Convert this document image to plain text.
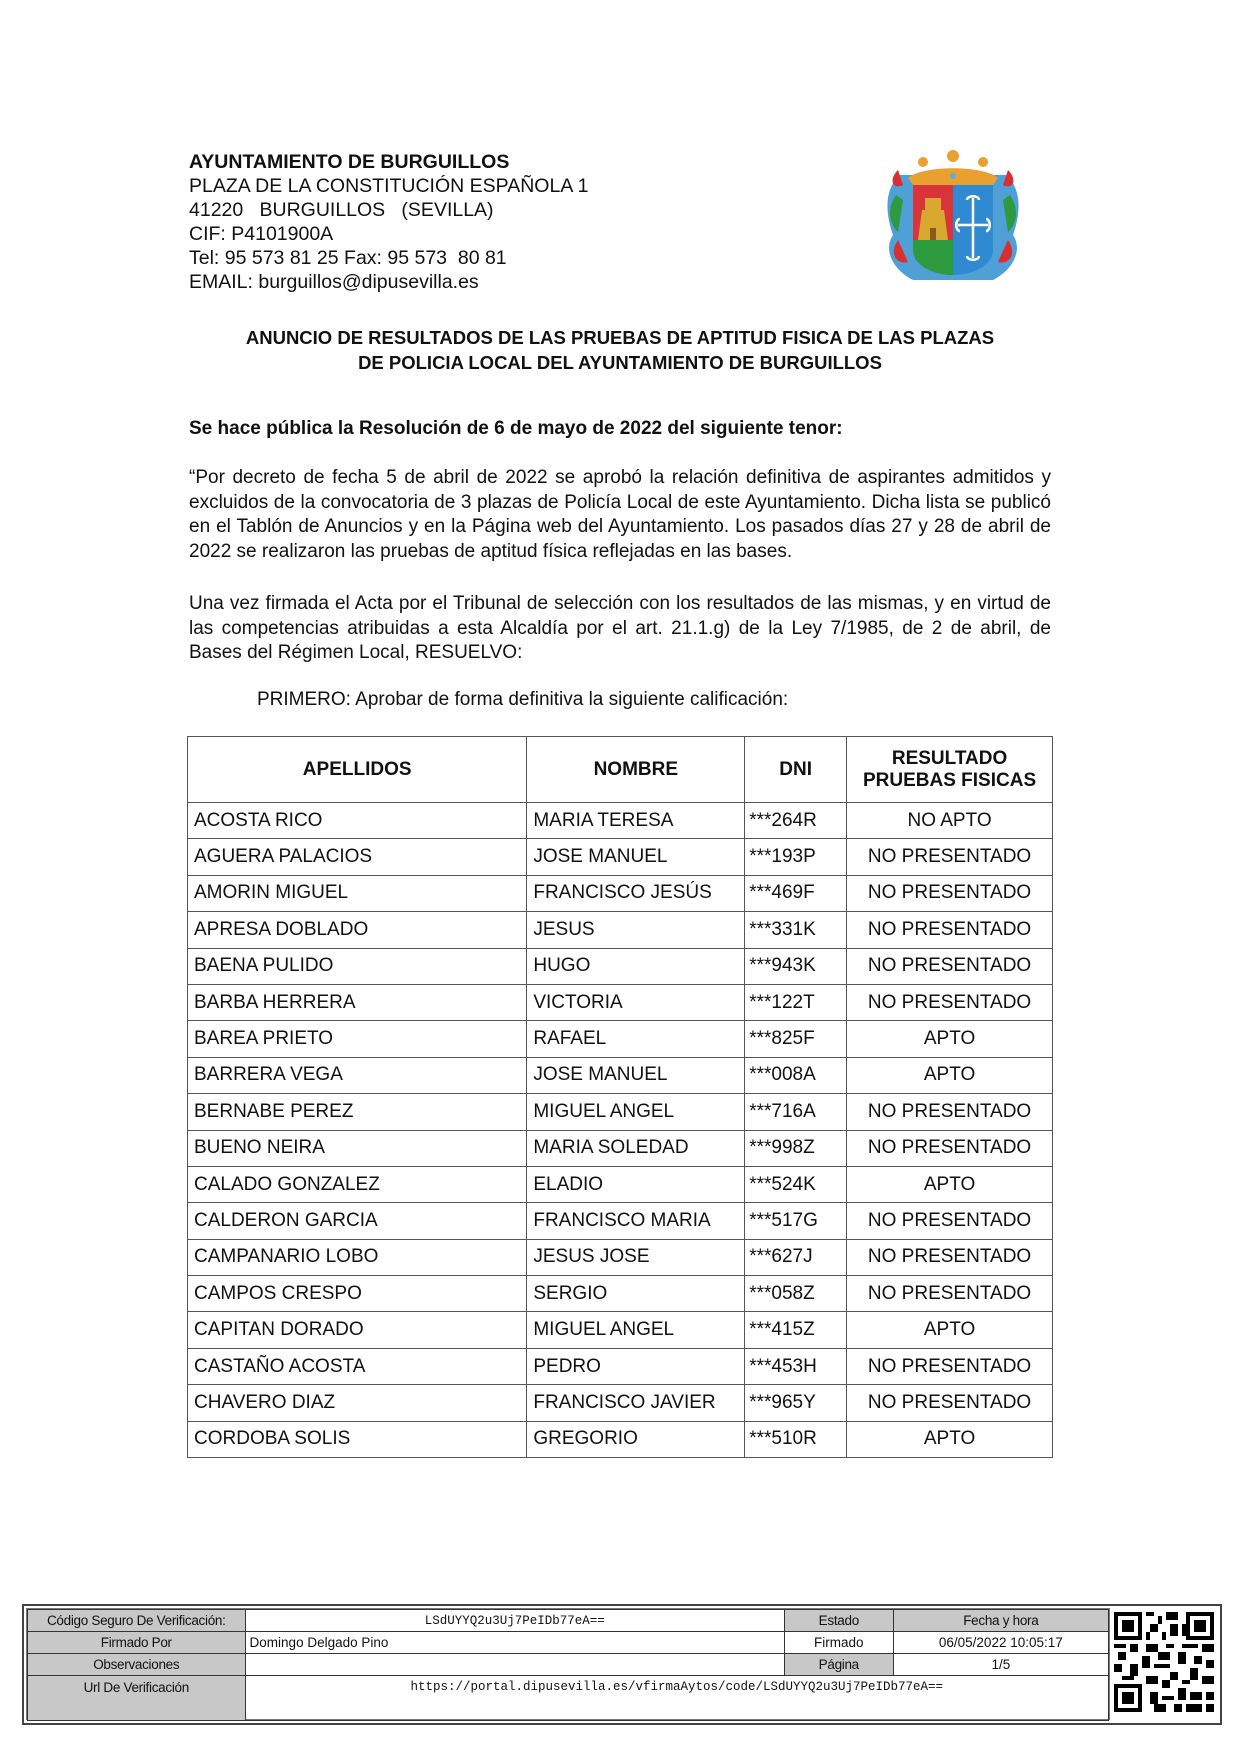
AYUNTAMIENTO DE BURGUILLOS
PLAZA DE LA CONSTITUCIÓN ESPAÑOLA 1
41220   BURGUILLOS   (SEVILLA)
CIF: P4101900A
Tel: 95 573 81 25 Fax: 95 573  80 81
EMAIL: burguillos@dipusevilla.es
ANUNCIO DE RESULTADOS DE LAS PRUEBAS DE APTITUD FISICA DE LAS PLAZAS
DE POLICIA LOCAL DEL AYUNTAMIENTO DE BURGUILLOS
Se hace pública la Resolución de 6 de mayo de 2022 del siguiente tenor:
“Por decreto de fecha 5 de abril de 2022 se aprobó la relación definitiva de aspirantes admitidos y excluidos de la convocatoria de 3 plazas de Policía Local de este Ayuntamiento. Dicha lista se publicó en el Tablón de Anuncios y en la Página web del Ayuntamiento. Los pasados días 27 y 28 de abril de 2022 se realizaron las pruebas de aptitud física reflejadas en las bases.
Una vez firmada el Acta por el Tribunal de selección con los resultados de las mismas, y en virtud de las competencias atribuidas a esta Alcaldía por el art. 21.1.g) de la Ley 7/1985, de 2 de abril, de Bases del Régimen Local, RESUELVO:
PRIMERO: Aprobar de forma definitiva la siguiente calificación:
APELLIDOS	NOMBRE	DNI	RESULTADO
PRUEBAS FISICAS

ACOSTA RICO	MARIA TERESA	***264R	NO APTO
AGUERA PALACIOS	JOSE MANUEL	***193P	NO PRESENTADO
AMORIN MIGUEL	FRANCISCO JESÚS	***469F	NO PRESENTADO
APRESA DOBLADO	JESUS	***331K	NO PRESENTADO
BAENA PULIDO	HUGO	***943K	NO PRESENTADO
BARBA HERRERA	VICTORIA	***122T	NO PRESENTADO
BAREA PRIETO	RAFAEL	***825F	APTO
BARRERA VEGA	JOSE MANUEL	***008A	APTO
BERNABE PEREZ	MIGUEL ANGEL	***716A	NO PRESENTADO
BUENO NEIRA	MARIA SOLEDAD	***998Z	NO PRESENTADO
CALADO GONZALEZ	ELADIO	***524K	APTO
CALDERON GARCIA	FRANCISCO MARIA	***517G	NO PRESENTADO
CAMPANARIO LOBO	JESUS JOSE	***627J	NO PRESENTADO
CAMPOS CRESPO	SERGIO	***058Z	NO PRESENTADO
CAPITAN DORADO	MIGUEL ANGEL	***415Z	APTO
CASTAÑO ACOSTA	PEDRO	***453H	NO PRESENTADO
CHAVERO DIAZ	FRANCISCO JAVIER	***965Y	NO PRESENTADO
CORDOBA SOLIS	GREGORIO	***510R	APTO
Código Seguro De Verificación:	LSdUYYQ2u3Uj7PeIDb77eA==	Estado	Fecha y hora
Firmado Por	Domingo Delgado Pino	Firmado	06/05/2022 10:05:17
Observaciones		Página	1/5
Url De Verificación	https://portal.dipusevilla.es/vfirmaAytos/code/LSdUYYQ2u3Uj7PeIDb77eA==		
